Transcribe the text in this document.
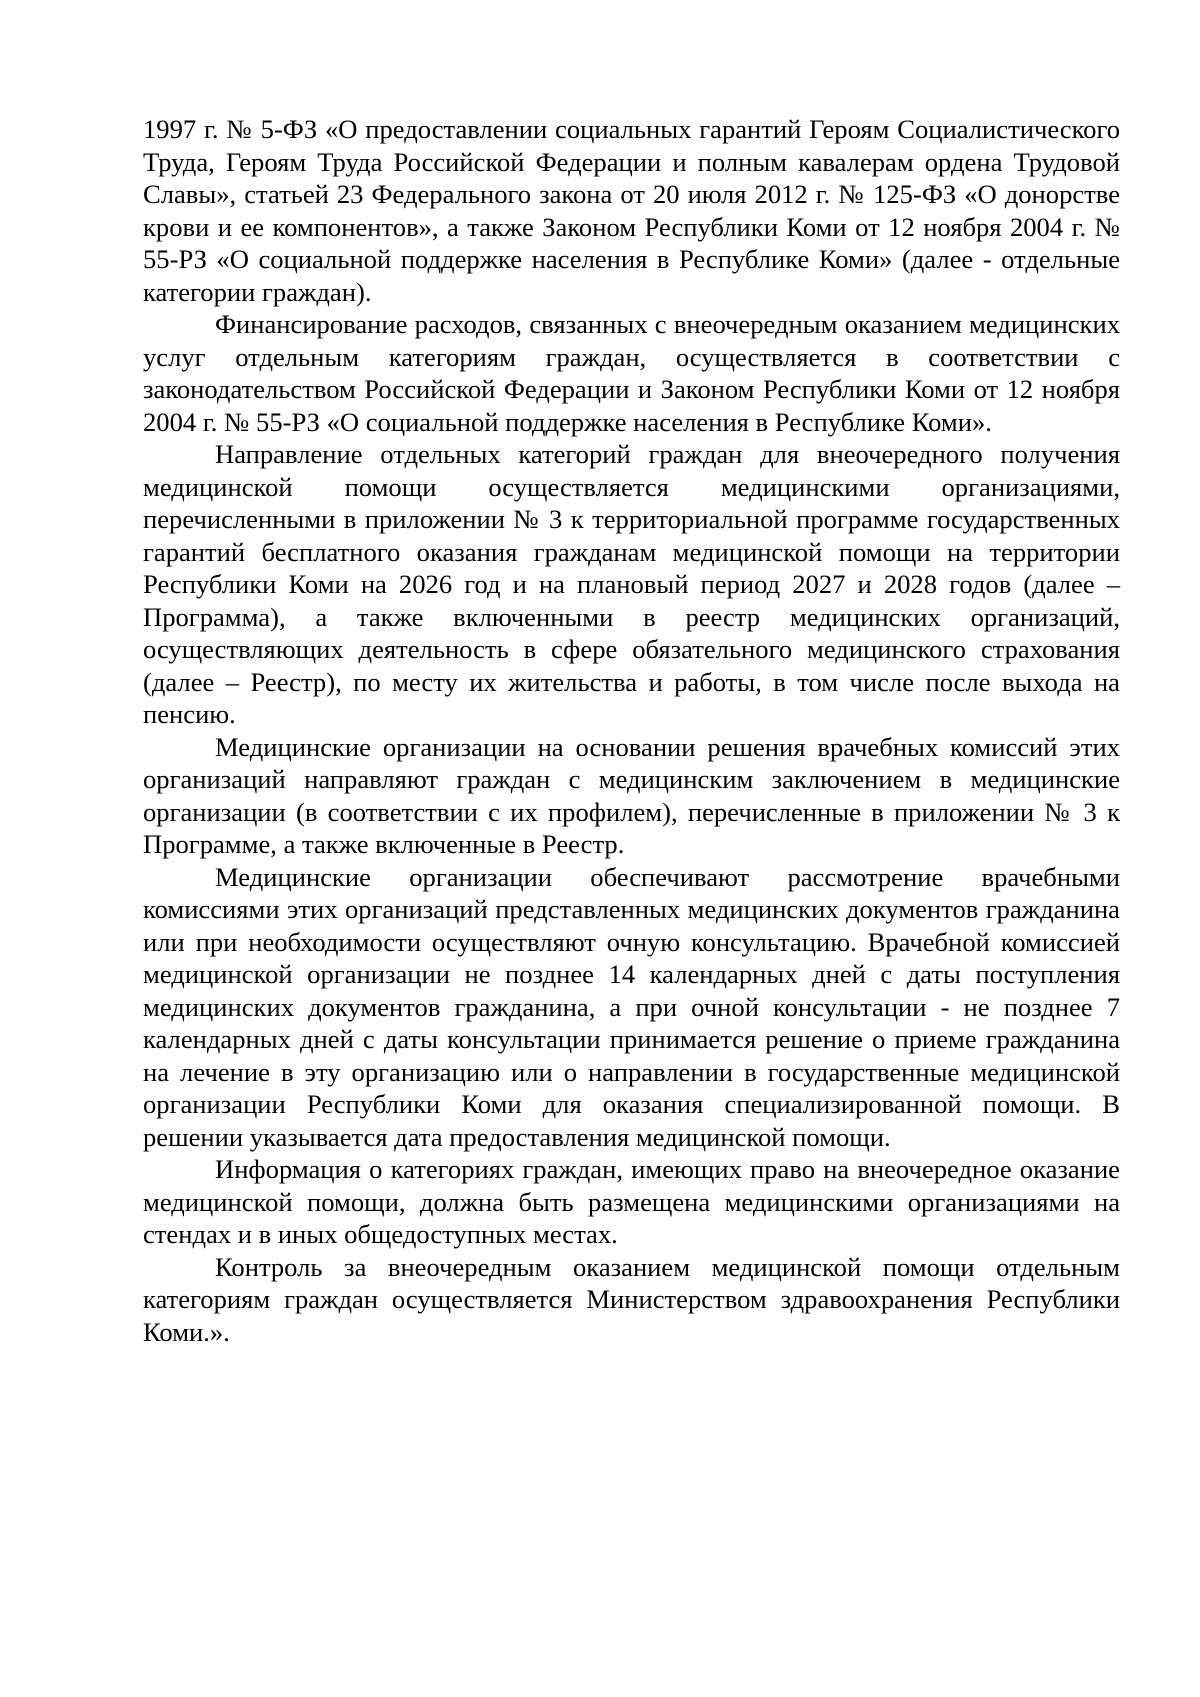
1997 г. № 5-ФЗ «О предоставлении социальных гарантий Героям Социалистического Труда, Героям Труда Российской Федерации и полным кавалерам ордена Трудовой Славы», статьей 23 Федерального закона от 20 июля 2012 г. № 125-ФЗ «О донорстве крови и ее компонентов», а также Законом Республики Коми от 12 ноября 2004 г. № 55-РЗ «О социальной поддержке населения в Республике Коми» (далее - отдельные категории граждан).

Финансирование расходов, связанных с внеочередным оказанием медицинских услуг отдельным категориям граждан, осуществляется в соответствии с законодательством Российской Федерации и Законом Республики Коми от 12 ноября 2004 г. № 55-РЗ «О социальной поддержке населения в Республике Коми».

Направление отдельных категорий граждан для внеочередного получения медицинской помощи осуществляется медицинскими организациями, перечисленными в приложении № 3 к территориальной программе государственных гарантий бесплатного оказания гражданам медицинской помощи на территории Республики Коми на 2026 год и на плановый период 2027 и 2028 годов (далее – Программа), а также включенными в реестр медицинских организаций, осуществляющих деятельность в сфере обязательного медицинского страхования (далее – Реестр), по месту их жительства и работы, в том числе после выхода на пенсию.

Медицинские организации на основании решения врачебных комиссий этих организаций направляют граждан с медицинским заключением в медицинские организации (в соответствии с их профилем), перечисленные в приложении № 3 к Программе, а также включенные в Реестр.

Медицинские организации обеспечивают рассмотрение врачебными комиссиями этих организаций представленных медицинских документов гражданина или при необходимости осуществляют очную консультацию. Врачебной комиссией медицинской организации не позднее 14 календарных дней с даты поступления медицинских документов гражданина, а при очной консультации - не позднее 7 календарных дней с даты консультации принимается решение о приеме гражданина на лечение в эту организацию или о направлении в государственные медицинской организации Республики Коми для оказания специализированной помощи. В решении указывается дата предоставления медицинской помощи.

Информация о категориях граждан, имеющих право на внеочередное оказание медицинской помощи, должна быть размещена медицинскими организациями на стендах и в иных общедоступных местах.

Контроль за внеочередным оказанием медицинской помощи отдельным категориям граждан осуществляется Министерством здравоохранения Республики Коми.».
